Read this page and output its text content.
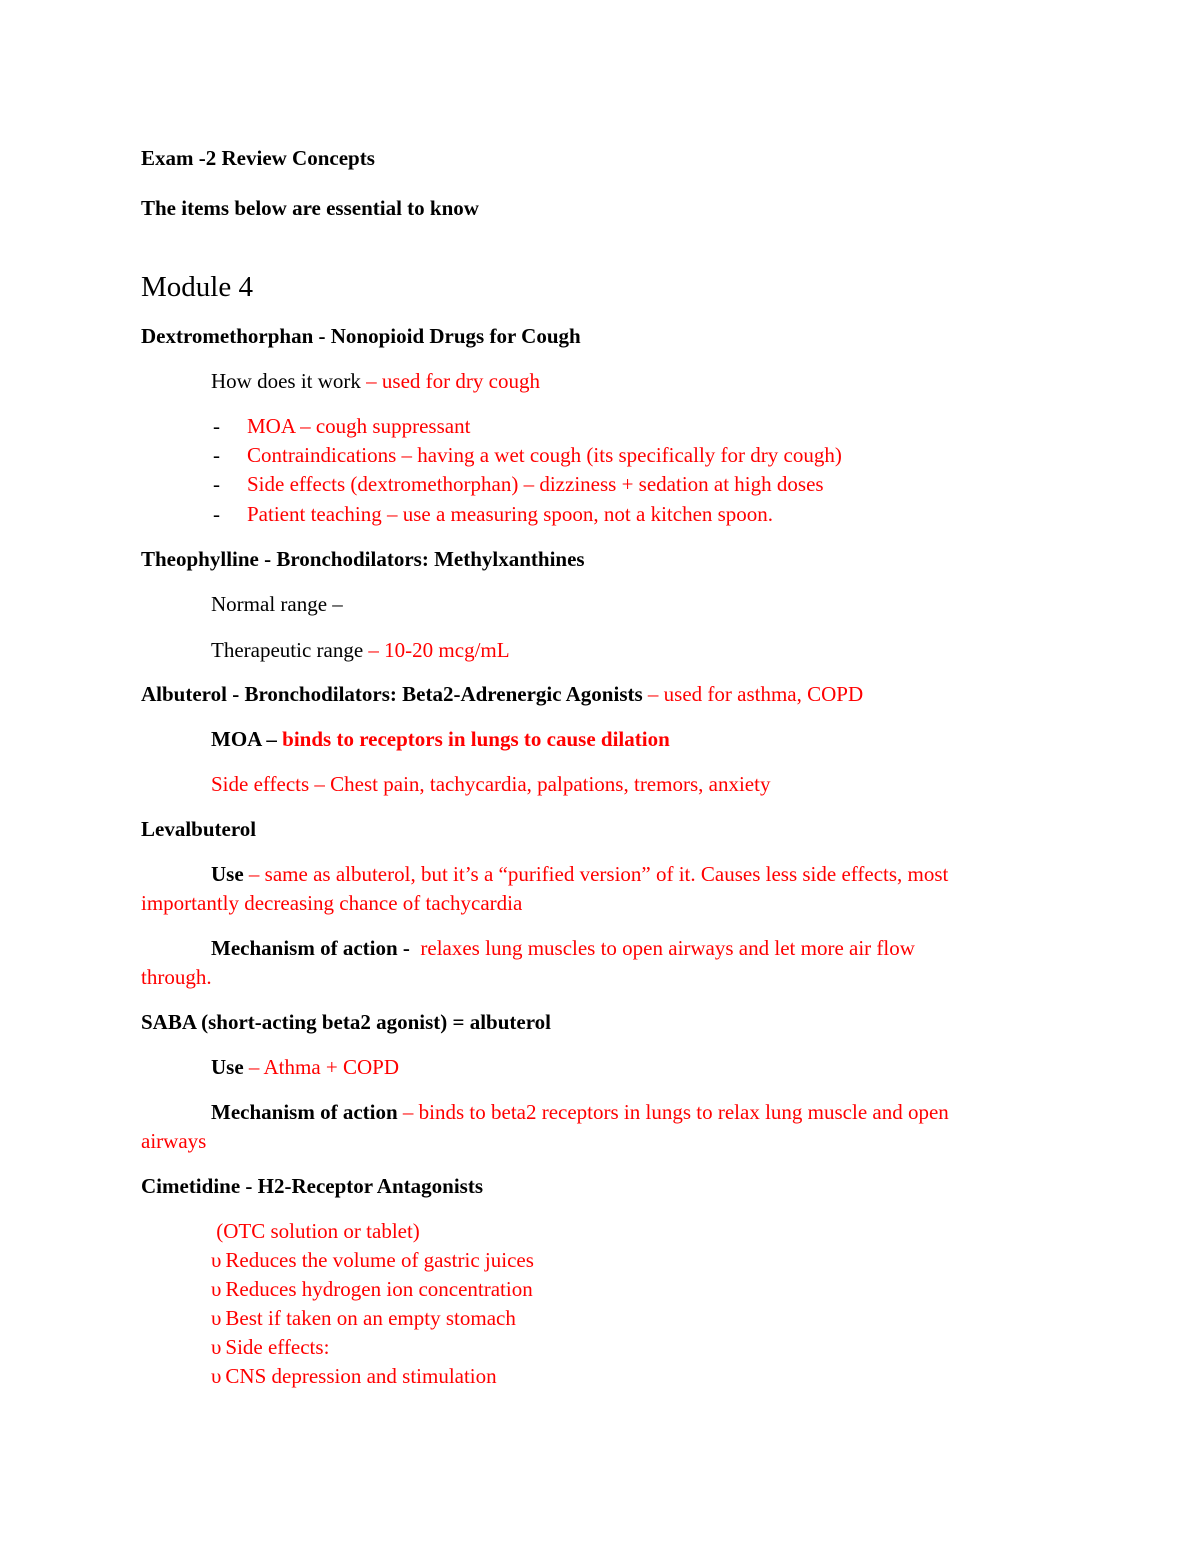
Exam -2 Review Concepts
The items below are essential to know
Module 4
Dextromethorphan - Nonopioid Drugs for Cough
How does it work – used for dry cough
- MOA – cough suppressant
- Contraindications – having a wet cough (its specifically for dry cough)
- Side effects (dextromethorphan) – dizziness + sedation at high doses
- Patient teaching – use a measuring spoon, not a kitchen spoon.
Theophylline - Bronchodilators: Methylxanthines
Normal range –
Therapeutic range – 10-20 mcg/mL
Albuterol - Bronchodilators: Beta2-Adrenergic Agonists – used for asthma, COPD
MOA – binds to receptors in lungs to cause dilation
Side effects – Chest pain, tachycardia, palpations, tremors, anxiety
Levalbuterol
Use – same as albuterol, but it’s a “purified version” of it. Causes less side effects, most
importantly decreasing chance of tachycardia
Mechanism of action -  relaxes lung muscles to open airways and let more air flow
through.
SABA (short-acting beta2 agonist) = albuterol
Use – Athma + COPD
Mechanism of action – binds to beta2 receptors in lungs to relax lung muscle and open
airways
Cimetidine - H2-Receptor Antagonists
(OTC solution or tablet)
υ Reduces the volume of gastric juices
υ Reduces hydrogen ion concentration
υ Best if taken on an empty stomach
υ Side effects:
υ CNS depression and stimulation
